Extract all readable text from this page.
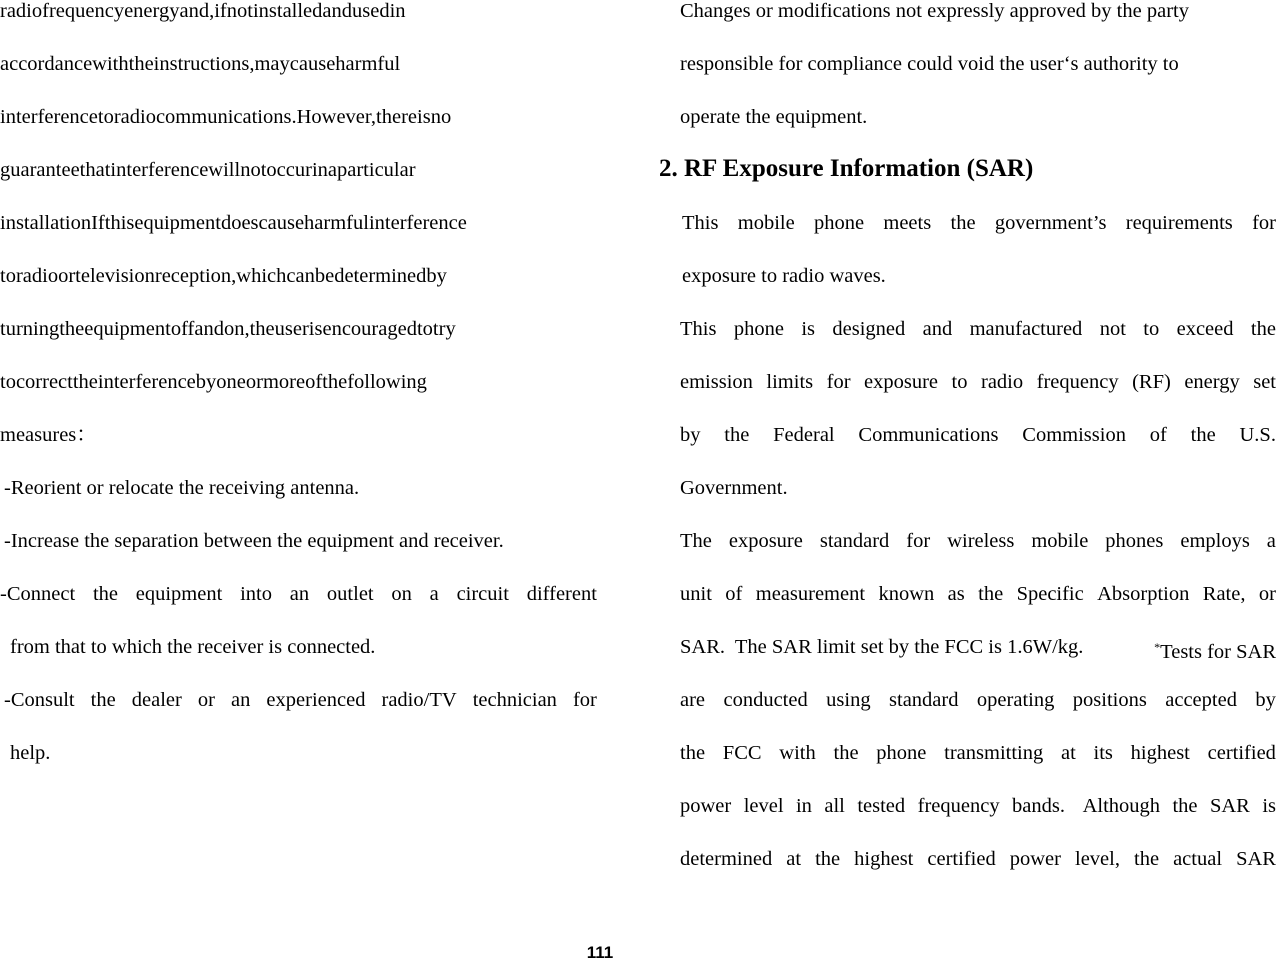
radio frequency energy and, if not installed and used in
accordance with the instructions, may cause harmful
interference to radio communications. However, there is no
guarantee that interference will not occur in a particular
installation If this equipment does cause harmful interference
to radio or television reception, which can be determined by
turning the equipment off and on, the user is encouraged to try
to correct the interference by one or more of the following
measures：
-Reorient or relocate the receiving antenna.
-Increase the separation between the equipment and receiver.
-Connect the equipment into an outlet on a circuit different
from that to which the receiver is connected.
-Consult the dealer or an experienced radio/TV technician for
help.
Changes or modifications not expressly approved by the party
responsible for compliance could void the user‘s authority to
operate the equipment.
2. RF Exposure Information (SAR)
This mobile phone meets the government’s requirements for
exposure to radio waves.
This phone is designed and manufactured not to exceed the
emission limits for exposure to radio frequency (RF) energy set
by the Federal Communications Commission of the U.S.
Government.
The exposure standard for wireless mobile phones employs a
unit of measurement known as the Specific Absorption Rate, or
SAR.  The SAR limit set by the FCC is 1.6W/kg.	*Tests for SAR
are conducted using standard operating positions accepted by
the FCC with the phone transmitting at its highest certified
power level in all tested frequency bands. Although the SAR is
determined at the highest certified power level, the actual SAR
111
